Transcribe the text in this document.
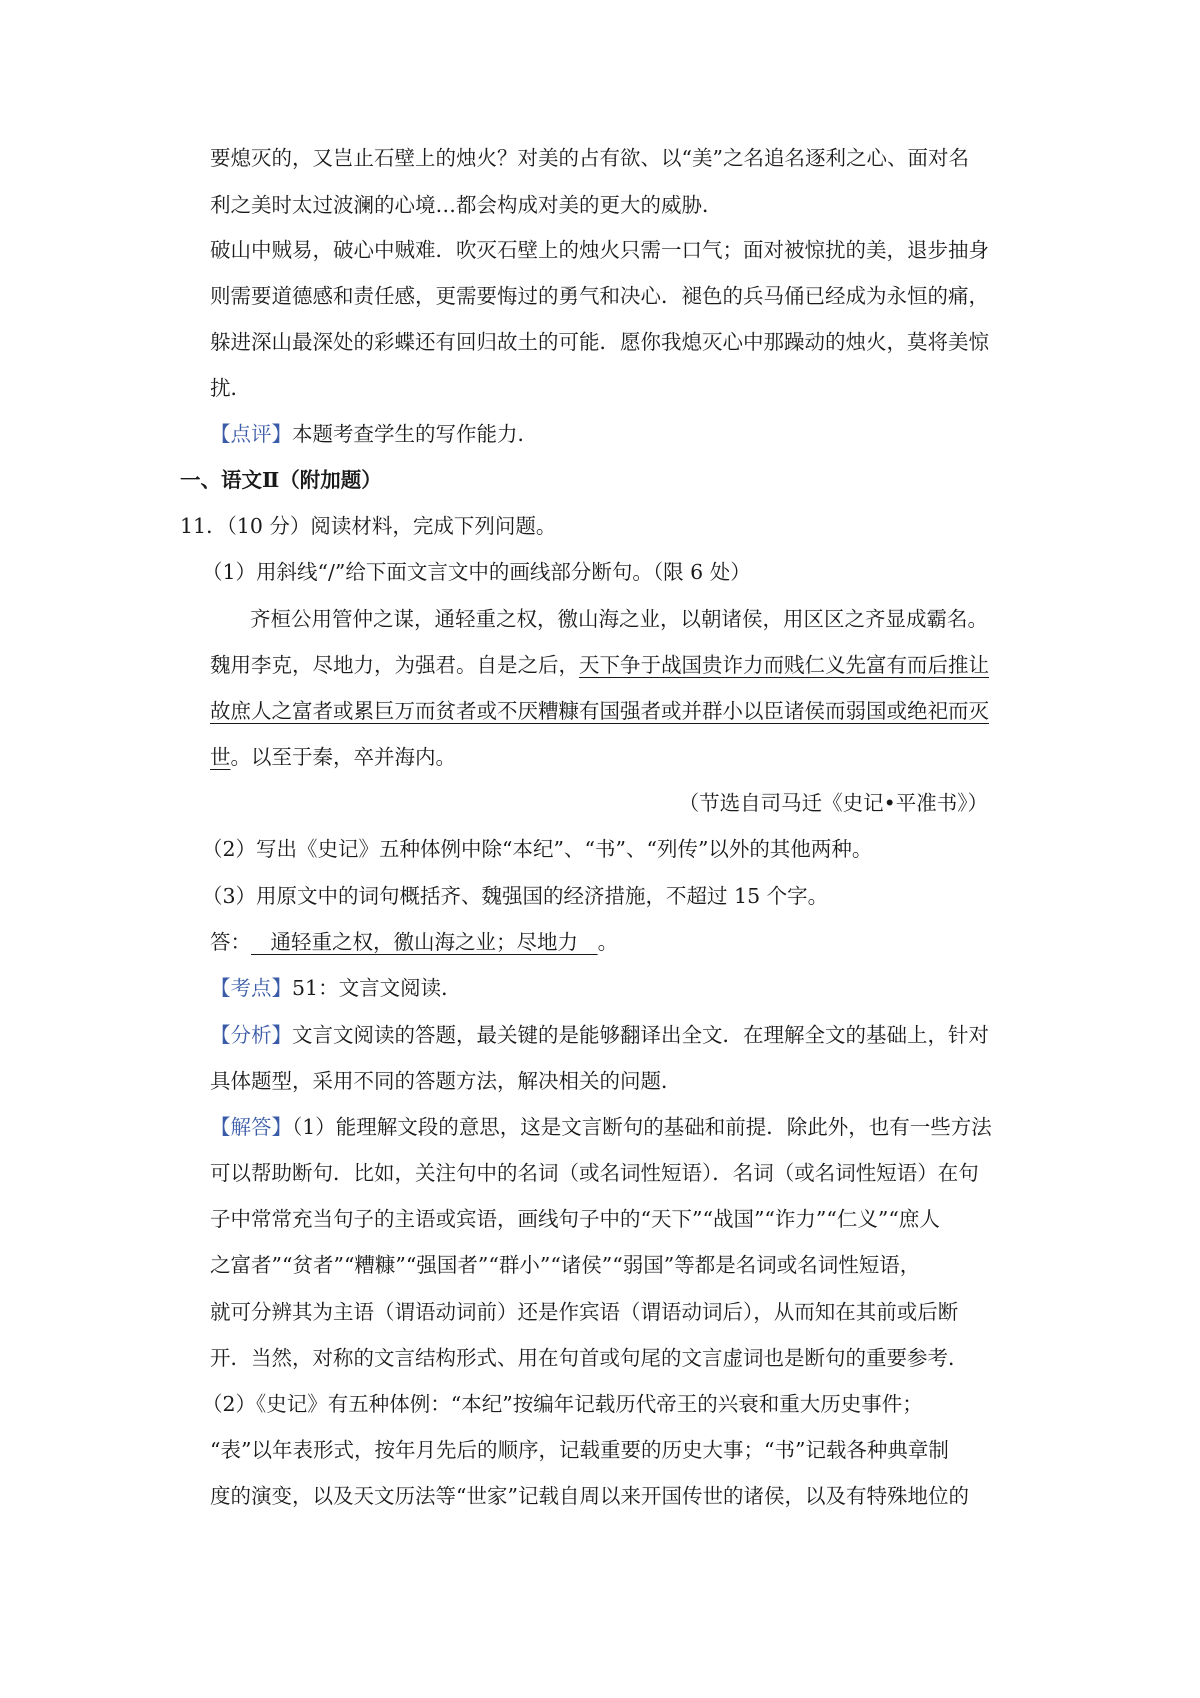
要熄灭的，又岂止石壁上的烛火？对美的占有欲、以“美”之名追名逐利之心、面对名
利之美时太过波澜的心境…都会构成对美的更大的威胁．
破山中贼易，破心中贼难．吹灭石壁上的烛火只需一口气；面对被惊扰的美，退步抽身
则需要道德感和责任感，更需要悔过的勇气和决心．褪色的兵马俑已经成为永恒的痛，
躲进深山最深处的彩蝶还有回归故土的可能．愿你我熄灭心中那躁动的烛火，莫将美惊
扰．
【点评】本题考查学生的写作能力．
一、语文Ⅱ（附加题）
11．（10 分）阅读材料，完成下列问题。
（1）用斜线“/”给下面文言文中的画线部分断句。（限 6 处）
齐桓公用管仲之谋，通轻重之权，徼山海之业，以朝诸侯，用区区之齐显成霸名。
魏用李克，尽地力，为强君。自是之后，天下争于战国贵诈力而贱仁义先富有而后推让
故庶人之富者或累巨万而贫者或不厌糟糠有国强者或并群小以臣诸侯而弱国或绝祀而灭
世。以至于秦，卒并海内。
（节选自司马迁《史记•平准书》）
（2）写出《史记》五种体例中除“本纪”、“书”、“列传”以外的其他两种。
（3）用原文中的词句概括齐、魏强国的经济措施，不超过 15 个字。
答：   通轻重之权，徼山海之业；尽地力   。
【考点】51：文言文阅读．
【分析】文言文阅读的答题，最关键的是能够翻译出全文．在理解全文的基础上，针对
具体题型，采用不同的答题方法，解决相关的问题．
【解答】（1）能理解文段的意思，这是文言断句的基础和前提．除此外，也有一些方法
可以帮助断句．比如，关注句中的名词（或名词性短语）．名词（或名词性短语）在句
子中常常充当句子的主语或宾语，画线句子中的“天下”“战国”“诈力”“仁义”“庶人
之富者”“贫者”“糟糠”“强国者”“群小”“诸侯”“弱国”等都是名词或名词性短语，
就可分辨其为主语（谓语动词前）还是作宾语（谓语动词后），从而知在其前或后断
开．当然，对称的文言结构形式、用在句首或句尾的文言虚词也是断句的重要参考．
（2）《史记》有五种体例：“本纪”按编年记载历代帝王的兴衰和重大历史事件；
“表”以年表形式，按年月先后的顺序，记载重要的历史大事；“书”记载各种典章制
度的演变，以及天文历法等“世家”记载自周以来开国传世的诸侯，以及有特殊地位的
